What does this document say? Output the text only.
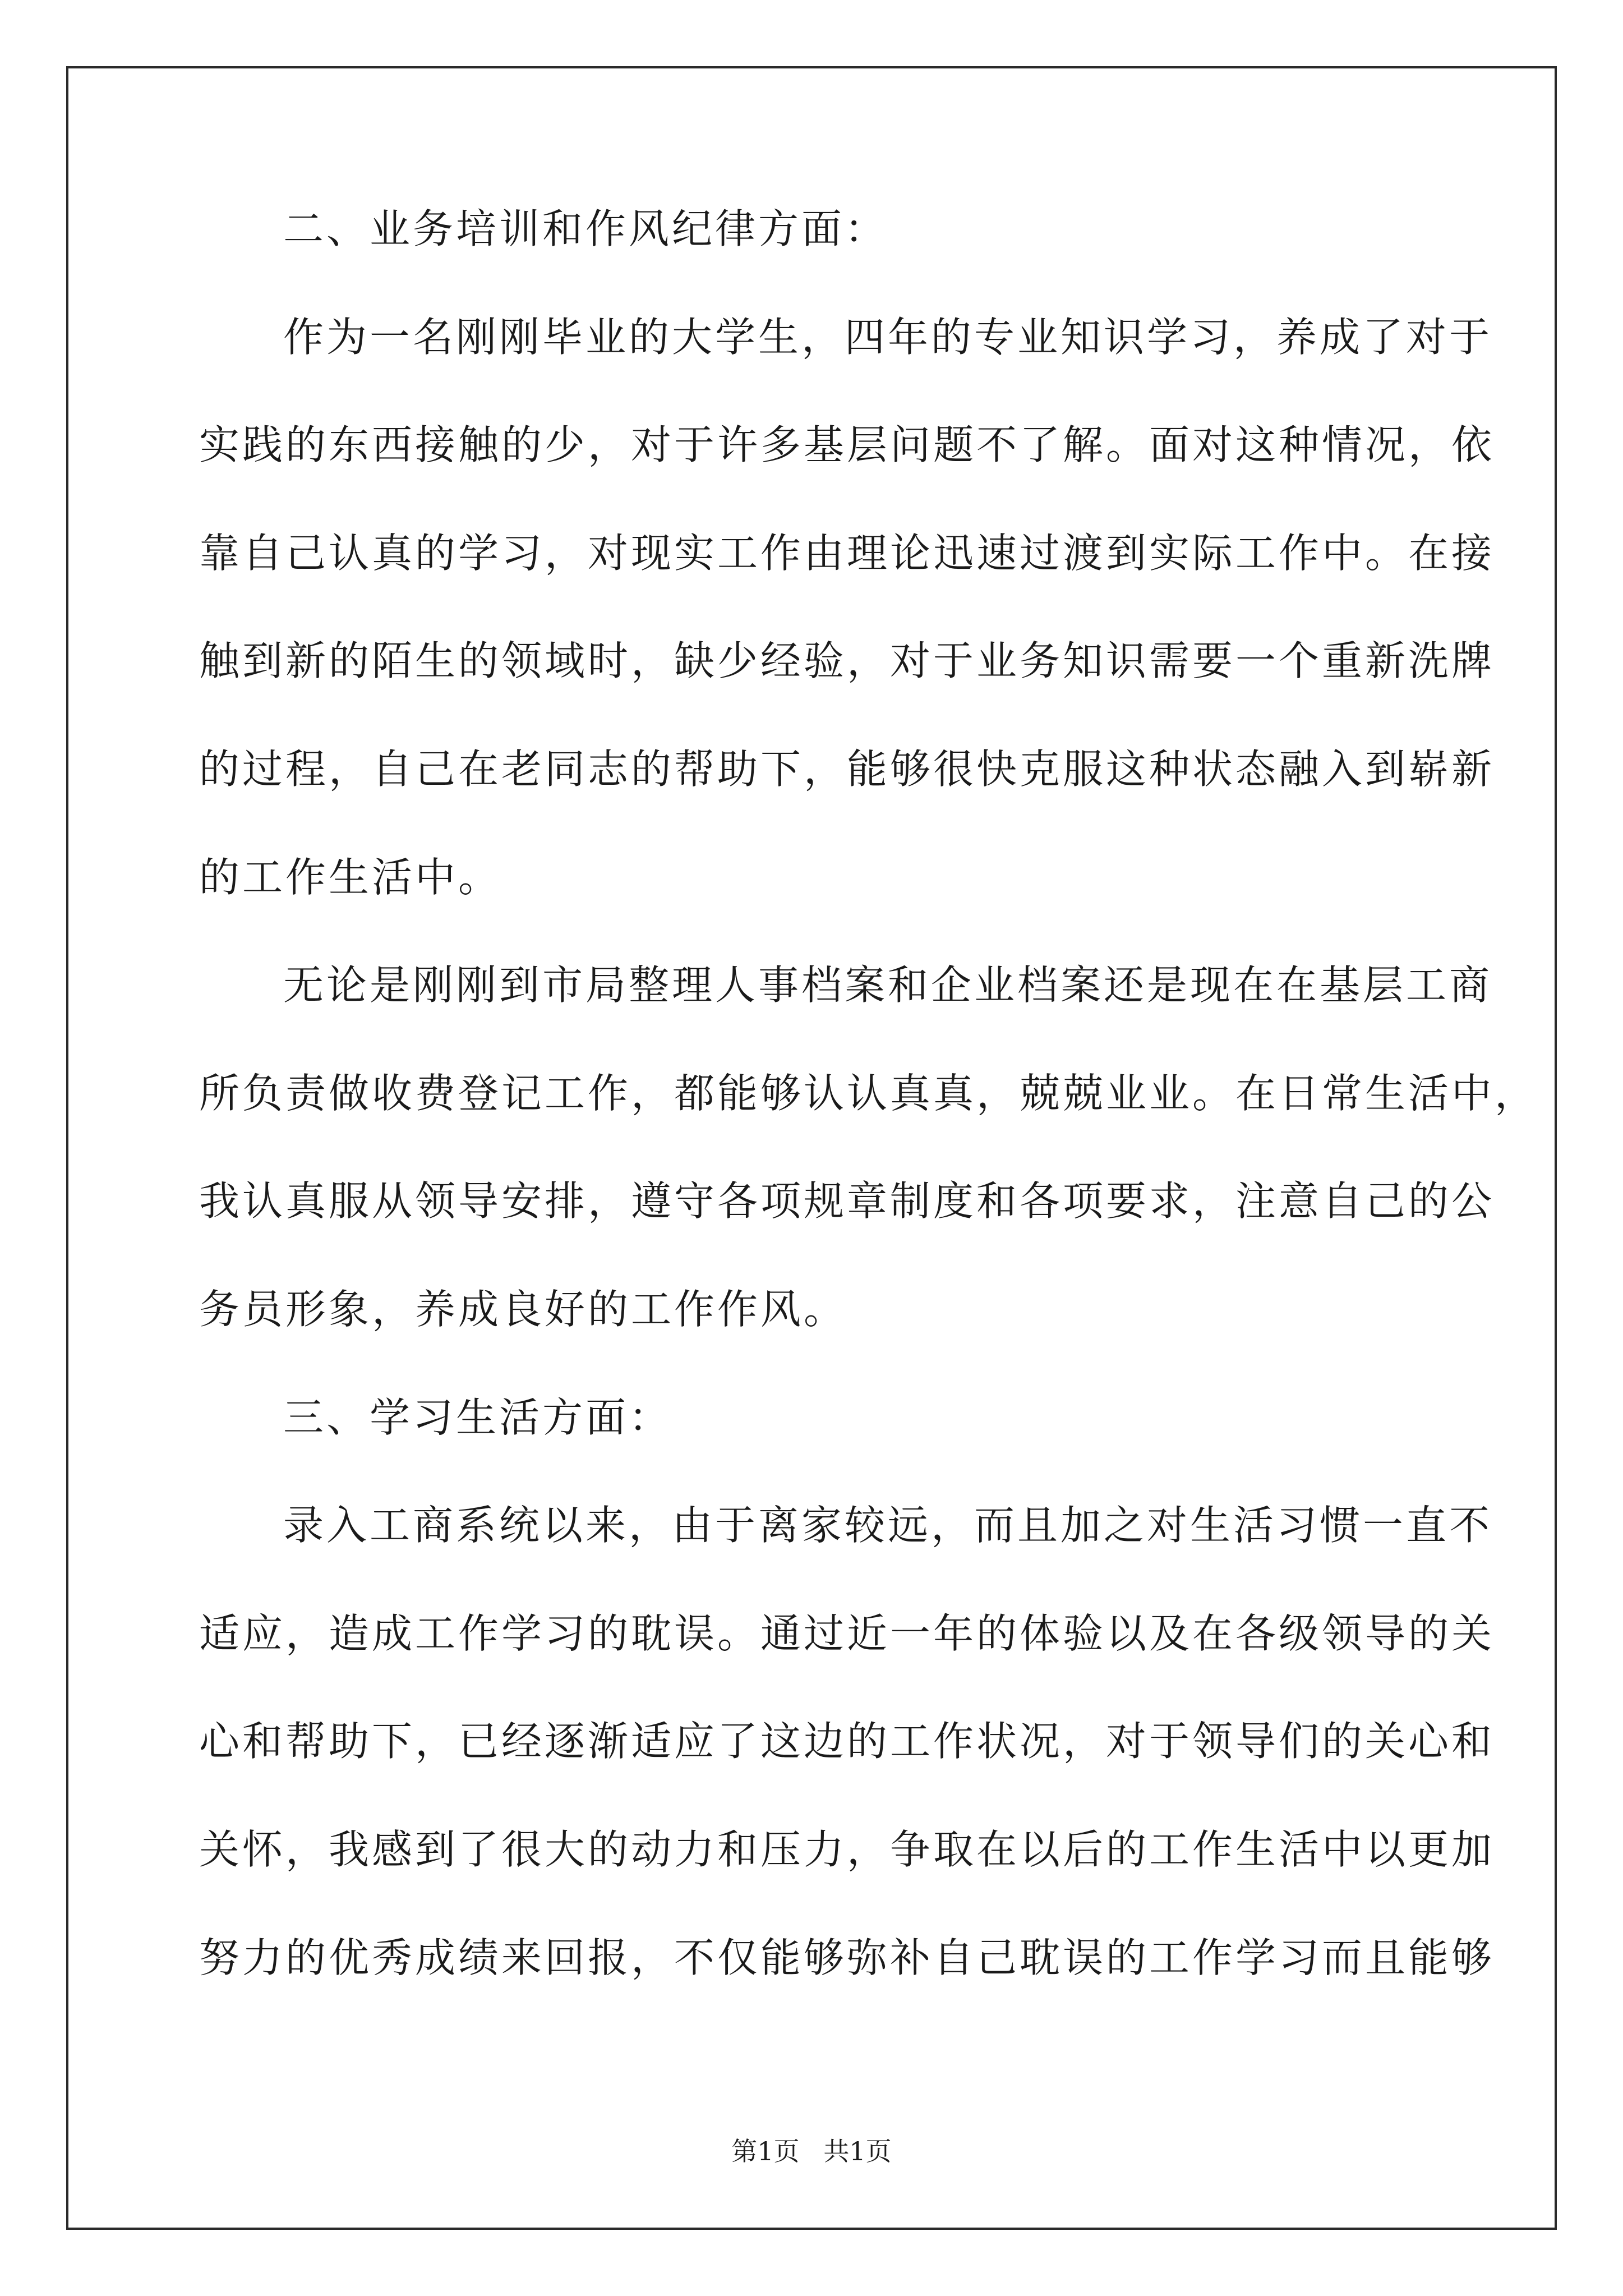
二、业务培训和作风纪律方面：
作为一名刚刚毕业的大学生，四年的专业知识学习，养成了对于
实践的东西接触的少，对于许多基层问题不了解。面对这种情况，依
靠自己认真的学习，对现实工作由理论迅速过渡到实际工作中。在接
触到新的陌生的领域时，缺少经验，对于业务知识需要一个重新洗牌
的过程，自己在老同志的帮助下，能够很快克服这种状态融入到崭新
的工作生活中。
无论是刚刚到市局整理人事档案和企业档案还是现在在基层工商
所负责做收费登记工作，都能够认认真真，兢兢业业。在日常生活中，
我认真服从领导安排，遵守各项规章制度和各项要求，注意自己的公
务员形象，养成良好的工作作风。
三、学习生活方面：
录入工商系统以来，由于离家较远，而且加之对生活习惯一直不
适应，造成工作学习的耽误。通过近一年的体验以及在各级领导的关
心和帮助下，已经逐渐适应了这边的工作状况，对于领导们的关心和
关怀，我感到了很大的动力和压力，争取在以后的工作生活中以更加
努力的优秀成绩来回报，不仅能够弥补自己耽误的工作学习而且能够
第1页 共1页
